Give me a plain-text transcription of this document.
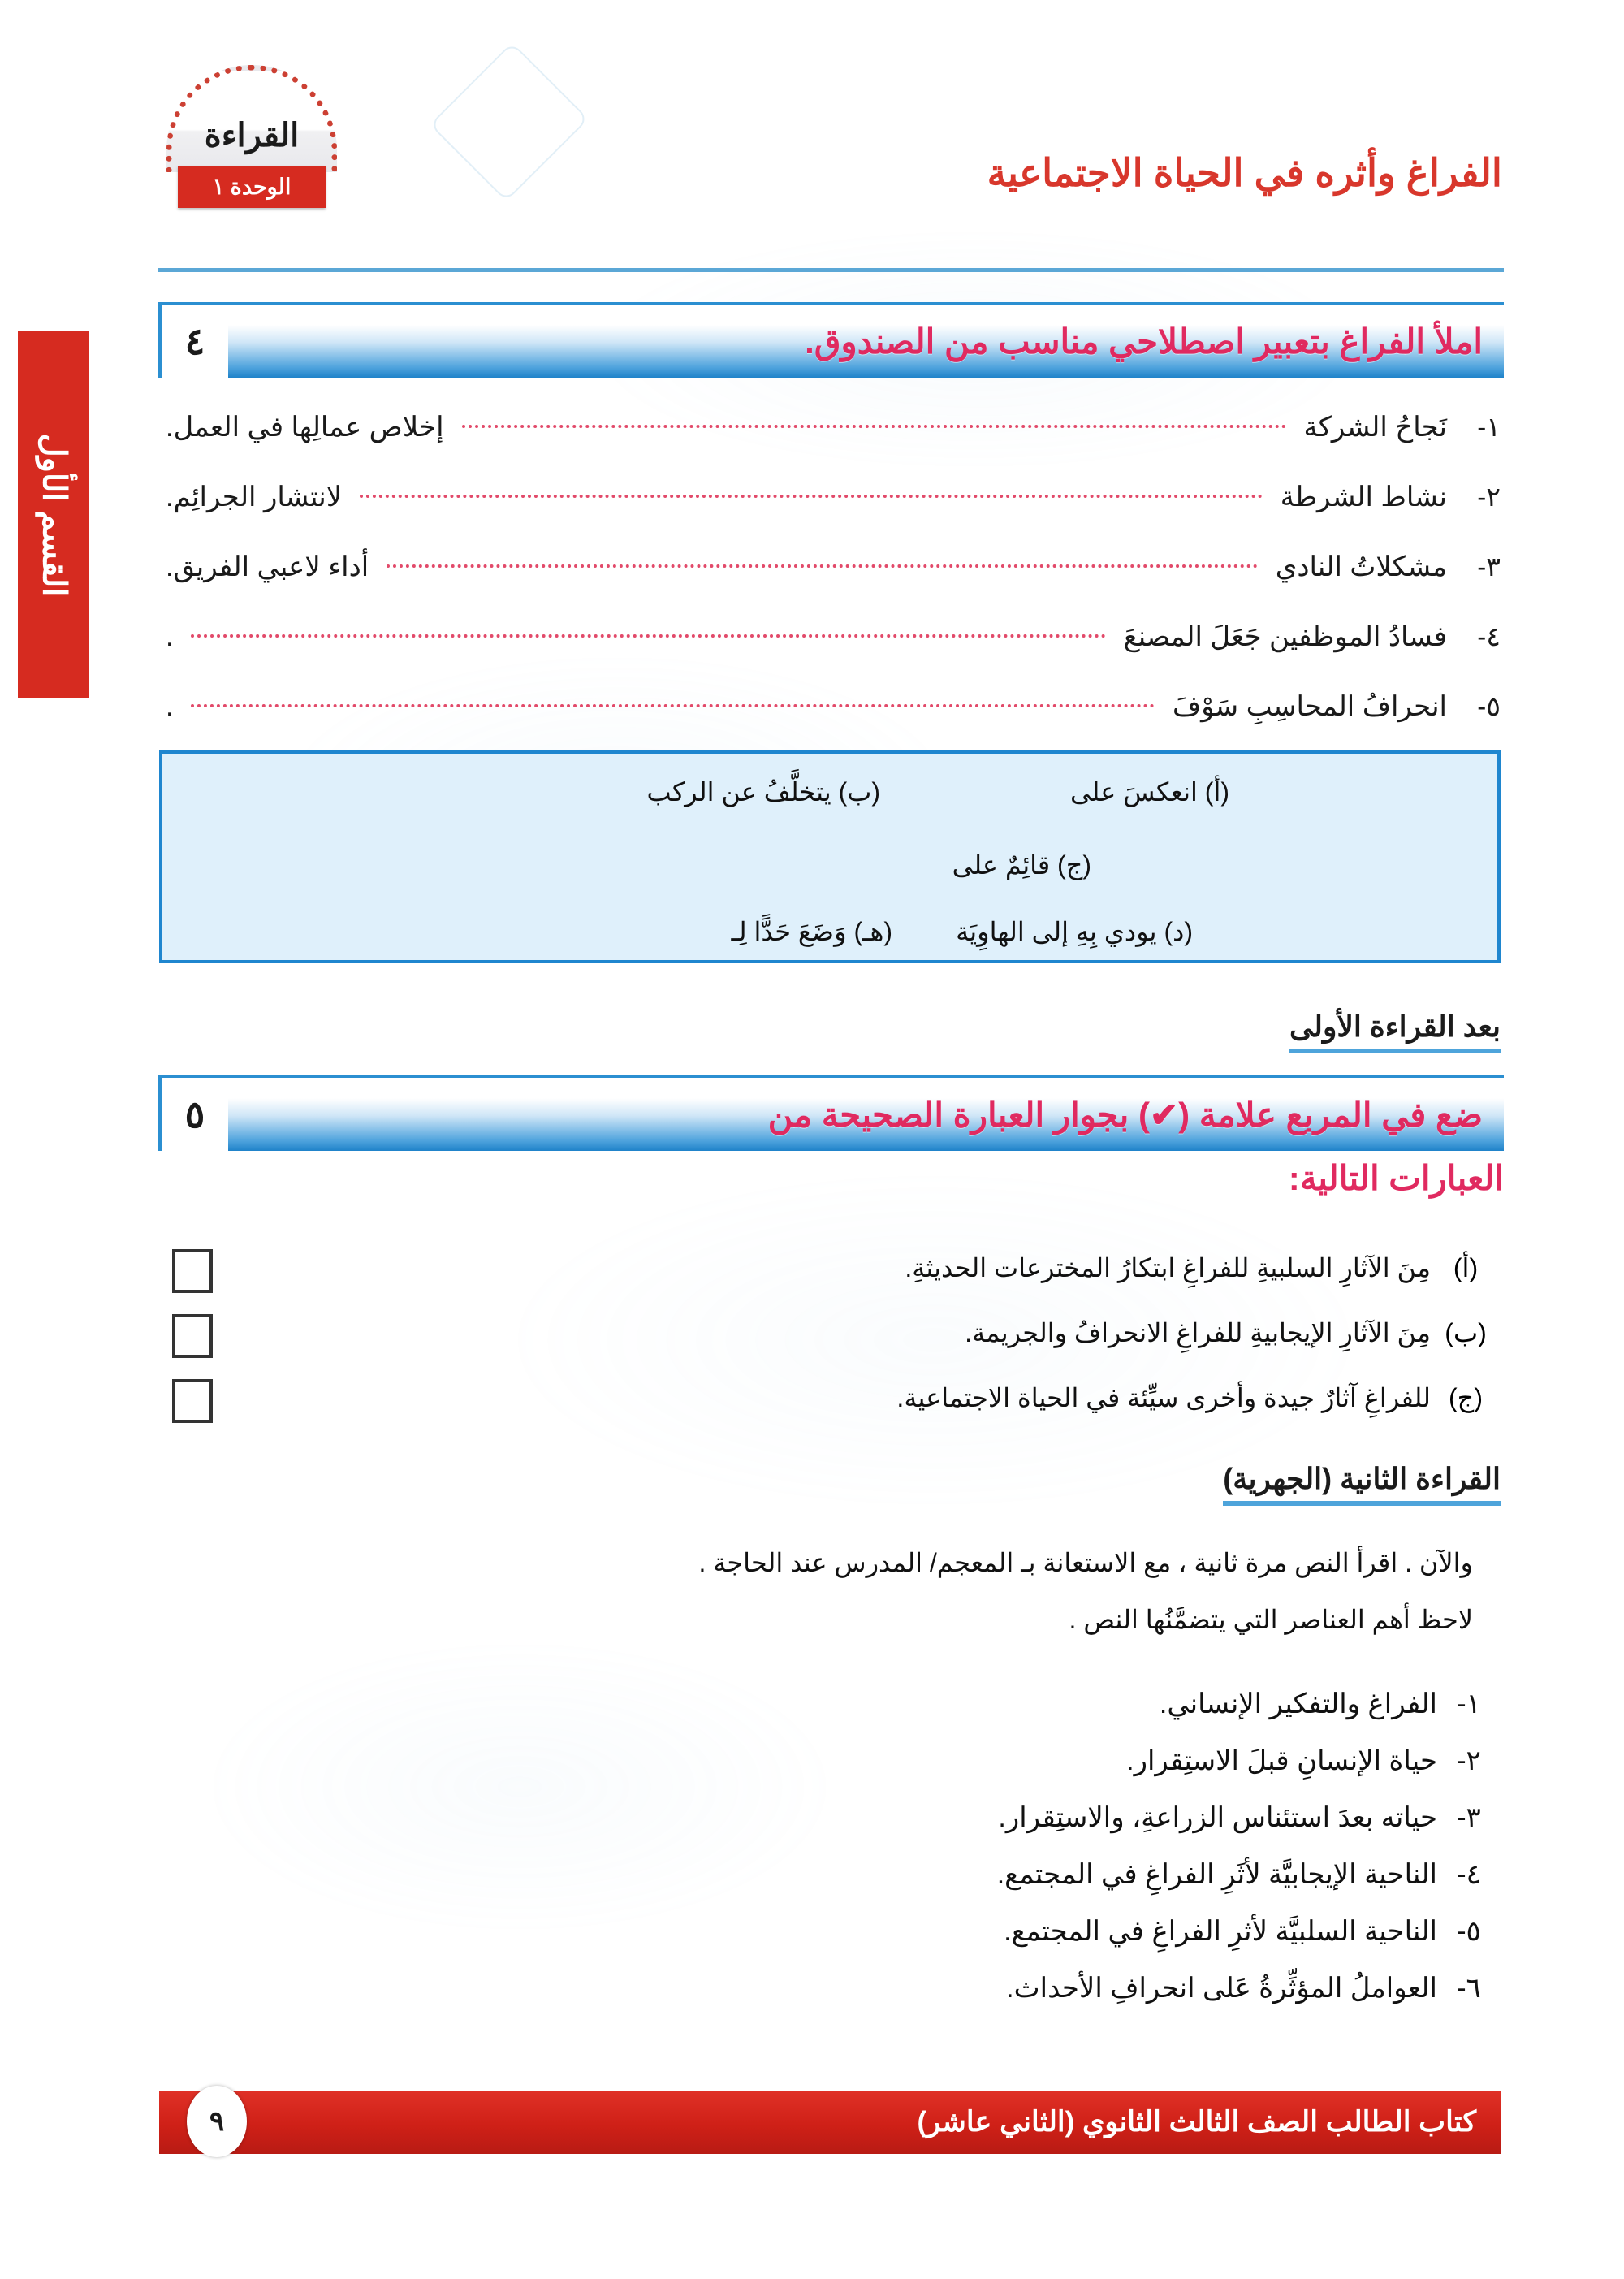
القسم الأول
القراءة
الوحدة ١	الفراغ وأثره في الحياة الاجتماعية
املأ الفراغ بتعبير اصطلاحي مناسب من الصندوق.
٤
١-
نَجاحُ الشركة
إخلاص عمالِها في العمل.
٢-
نشاط الشرطة
لانتشار الجرائِم.
٣-
مشكلاتُ النادي
أداء لاعبي الفريق.
٤-
فسادُ الموظفين جَعَلَ المصنعَ
.
٥-
انحرافُ المحاسِبِ سَوْفَ
.
(أ) انعكسَ على
(ب) يتخلَّفُ عن الركب
(ج) قائِمٌ على
(د) يودي بِهِ إلى الهاوِيَة
(هـ) وَضَعَ حَدًّا لِـ
بعد القراءة الأولى
ضع في المربع علامة (✔) بجوار العبارة الصحيحة من
٥
العبارات التالية:
(أ)
مِنَ الآثارِ السلبيةِ للفراغِ ابتكارُ المخترعات الحديثةِ.
(ب)
مِنَ الآثارِ الإيجابيةِ للفراغِ الانحرافُ والجريمة.
(ج)
للفراغِ آثارٌ جيدة وأخرى سيِّئة في الحياة الاجتماعية.
القراءة الثانية (الجهرية)
والآن . اقرأ النص مرة ثانية ، مع الاستعانة بـ المعجم/ المدرس عند الحاجة .
لاحظ أهم العناصر التي يتضمَّنُها النص .
١-
الفراغ والتفكير الإنساني.
٢-
حياة الإنسانِ قبلَ الاستِقرار.
٣-
حياته بعدَ استئناس الزراعةِ، والاستِقرار.
٤-
الناحية الإيجابيَّة لأثَرِ الفراغِ في المجتمع.
٥-
الناحية السلبيَّة لأثرِ الفراغِ في المجتمع.
٦-
العواملُ المؤثِّرةُ عَلى انحرافِ الأحداث.
كتاب الطالب الصف الثالث الثانوي (الثاني عاشر)
٩
